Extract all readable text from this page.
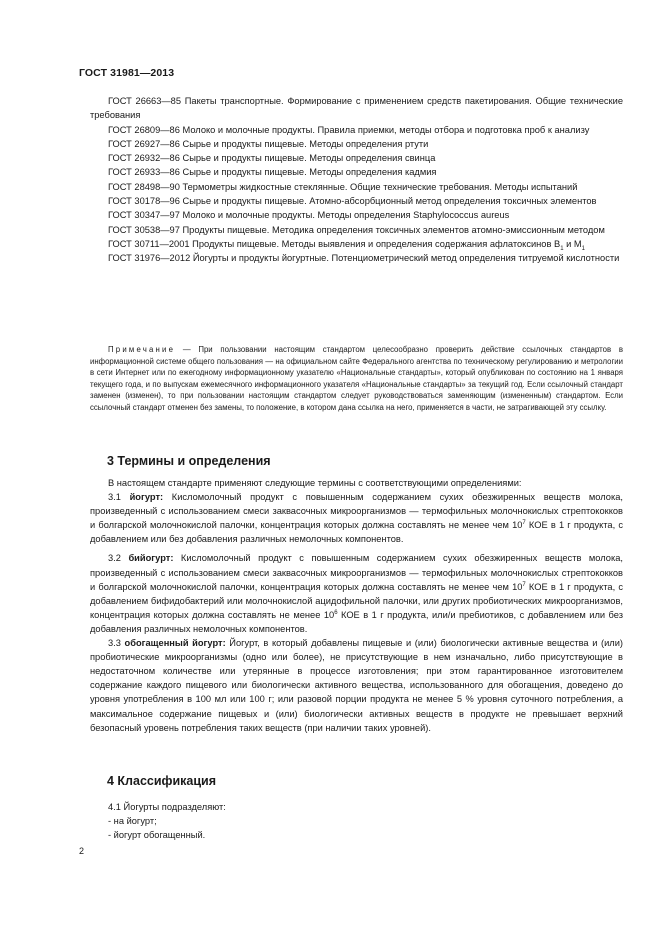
ГОСТ 31981—2013

ГОСТ 26663—85 Пакеты транспортные. Формирование с применением средств пакетирования. Общие технические требования

ГОСТ 26809—86 Молоко и молочные продукты. Правила приемки, методы отбора и подготовка проб к анализу

ГОСТ 26927—86 Сырье и продукты пищевые. Методы определения ртути

ГОСТ 26932—86 Сырье и продукты пищевые. Методы определения свинца

ГОСТ 26933—86 Сырье и продукты пищевые. Методы определения кадмия

ГОСТ 28498—90 Термометры жидкостные стеклянные. Общие технические требования. Методы испытаний

ГОСТ 30178—96 Сырье и продукты пищевые. Атомно-абсорбционный метод определения токсичных элементов

ГОСТ 30347—97 Молоко и молочные продукты. Методы определения Staphylococcus aureus

ГОСТ 30538—97 Продукты пищевые. Методика определения токсичных элементов атомно-эмиссионным методом

ГОСТ 30711—2001 Продукты пищевые. Методы выявления и определения содержания афлатоксинов $B_1$ и $M_1$

ГОСТ 31976—2012 Йогурты и продукты йогуртные. Потенциометрический метод определения титруемой кислотности

Примечание — При пользовании настоящим стандартом целесообразно проверить действие ссылочных стандартов в информационной системе общего пользования — на официальном сайте Федерального агентства по техническому регулированию и метрологии в сети Интернет или по ежегодному информационному указателю «Национальные стандарты», который опубликован по состоянию на 1 января текущего года, и по выпускам ежемесячного информационного указателя «Национальные стандарты» за текущий год. Если ссылочный стандарт заменен (изменен), то при пользовании настоящим стандартом следует руководствоваться заменяющим (измененным) стандартом. Если ссылочный стандарт отменен без замены, то положение, в котором дана ссылка на него, применяется в части, не затрагивающей эту ссылку.

3 Термины и определения

В настоящем стандарте применяют следующие термины с соответствующими определениями:

3.1 йогурт: Кисломолочный продукт с повышенным содержанием сухих обезжиренных веществ молока, произведенный с использованием смеси заквасочных микроорганизмов — термофильных молочнокислых стрептококков и болгарской молочнокислой палочки, концентрация которых должна составлять не менее чем $10^7$ КОЕ в 1 г продукта, с добавлением или без добавления различных немолочных компонентов.

3.2 бийогурт: Кисломолочный продукт с повышенным содержанием сухих обезжиренных веществ молока, произведенный с использованием смеси заквасочных микроорганизмов — термофильных молочнокислых стрептококков и болгарской молочнокислой палочки, концентрация которых должна составлять не менее чем $10^7$ КОЕ в 1 г продукта, с добавлением бифидобактерий или молочнокислой ацидофильной палочки, или других пробиотических микроорганизмов, концентрация которых должна составлять не менее $10^6$ КОЕ в 1 г продукта, или/и пребиотиков, с добавлением или без добавления различных немолочных компонентов.

3.3 обогащенный йогурт: Йогурт, в который добавлены пищевые и (или) биологически активные вещества и (или) пробиотические микроорганизмы (одно или более), не присутствующие в нем изначально, либо присутствующие в недостаточном количестве или утерянные в процессе изготовления; при этом гарантированное изготовителем содержание каждого пищевого или биологически активного вещества, использованного для обогащения, доведено до уровня употребления в 100 мл или 100 г; или разовой порции продукта не менее 5 % уровня суточного потребления, а максимальное содержание пищевых и (или) биологически активных веществ в продукте не превышает верхний безопасный уровень потребления таких веществ (при наличии таких уровней).

4 Классификация
4.1 Йогурты подразделяют:
- на йогурт;
- йогурт обогащенный.
2
